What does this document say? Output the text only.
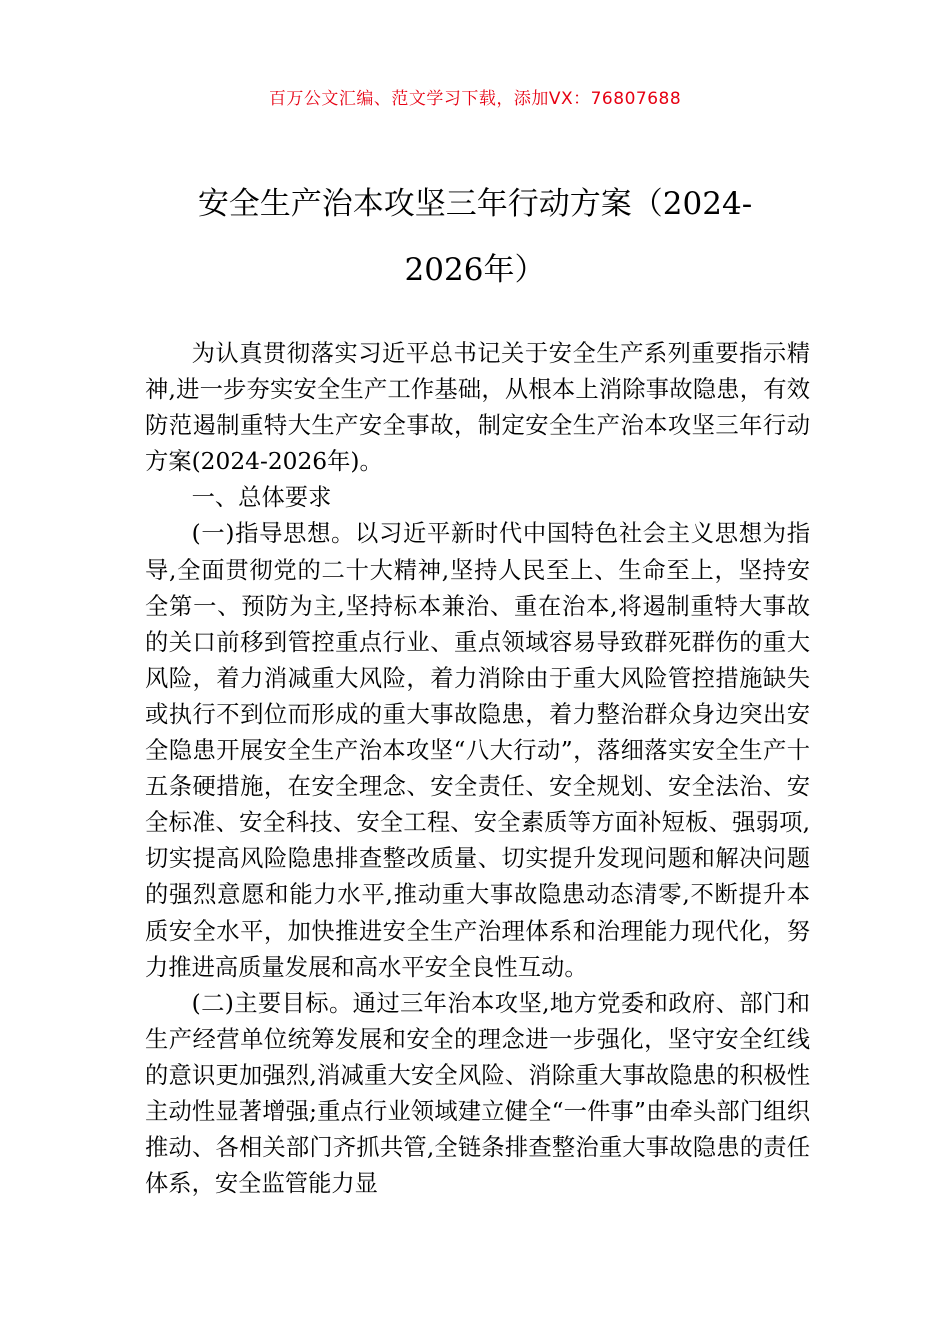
百万公文汇编、范文学习下载，添加VX：76807688
安全生产治本攻坚三年行动方案（2024-
2026年）

为认真贯彻落实习近平总书记关于安全生产系列重要指示精神,进一步夯实安全生产工作基础，从根本上消除事故隐患，有效防范遏制重特大生产安全事故，制定安全生产治本攻坚三年行动方案(2024-2026年)。

一、总体要求

(一)指导思想。以习近平新时代中国特色社会主义思想为指导,全面贯彻党的二十大精神,坚持人民至上、生命至上，坚持安全第一、预防为主,坚持标本兼治、重在治本,将遏制重特大事故的关口前移到管控重点行业、重点领域容易导致群死群伤的重大风险，着力消减重大风险，着力消除由于重大风险管控措施缺失或执行不到位而形成的重大事故隐患，着力整治群众身边突出安全隐患开展安全生产治本攻坚“八大行动”，落细落实安全生产十五条硬措施，在安全理念、安全责任、安全规划、安全法治、安全标准、安全科技、安全工程、安全素质等方面补短板、强弱项,切实提高风险隐患排查整改质量、切实提升发现问题和解决问题的强烈意愿和能力水平,推动重大事故隐患动态清零,不断提升本质安全水平，加快推进安全生产治理体系和治理能力现代化，努力推进高质量发展和高水平安全良性互动。

(二)主要目标。通过三年治本攻坚,地方党委和政府、部门和生产经营单位统筹发展和安全的理念进一步强化，坚守安全红线的意识更加强烈,消减重大安全风险、消除重大事故隐患的积极性主动性显著增强;重点行业领域建立健全“一件事”由牵头部门组织推动、各相关部门齐抓共管,全链条排查整治重大事故隐患的责任体系，安全监管能力显
